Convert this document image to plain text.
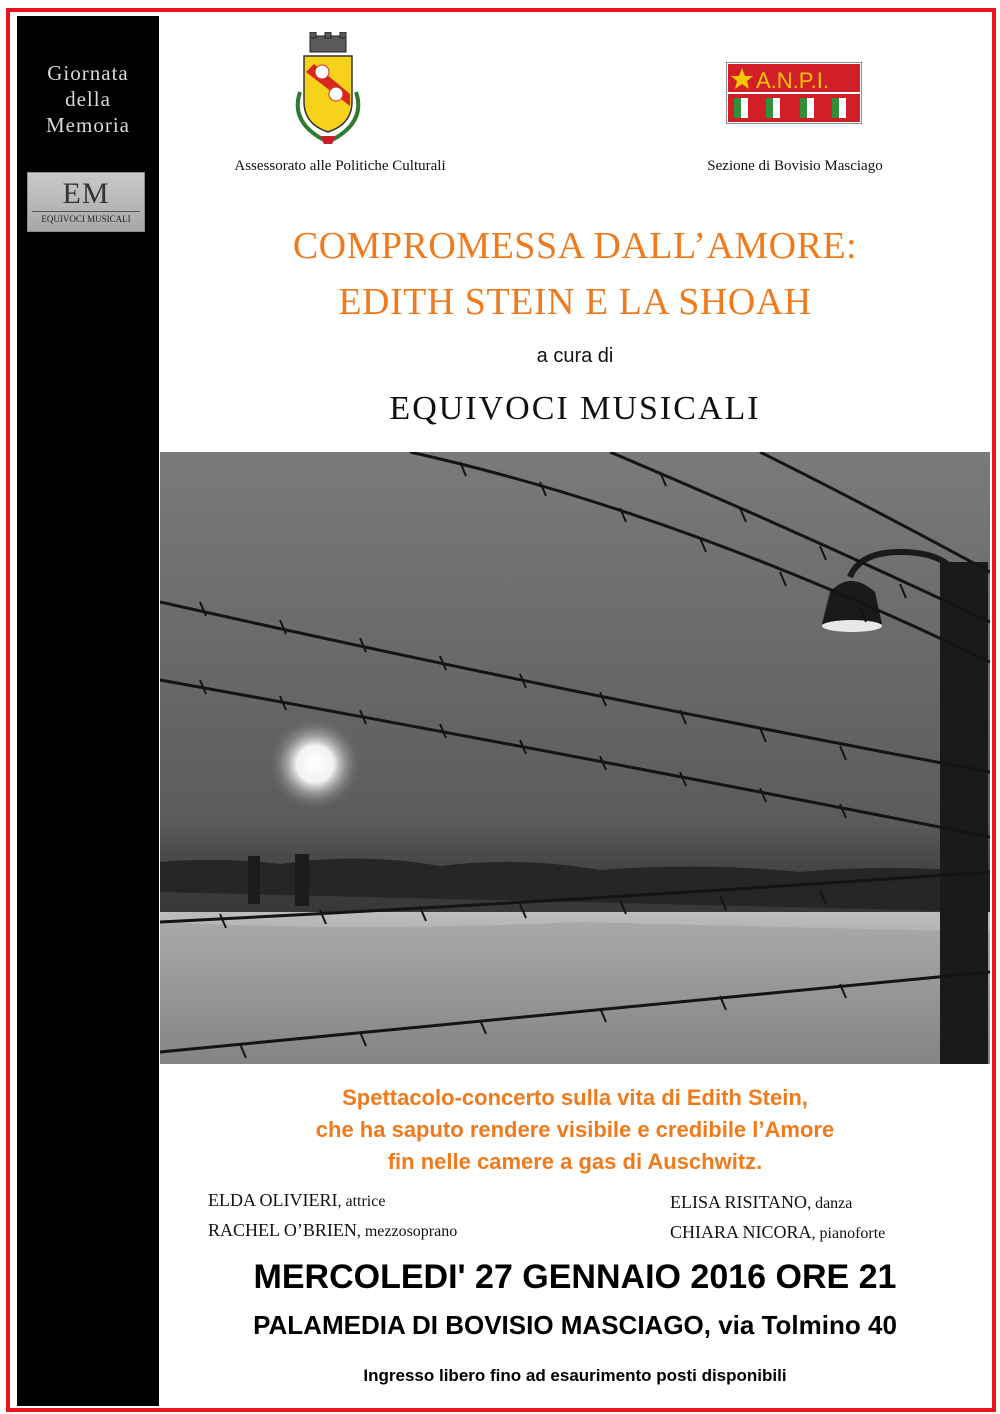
Giornata
della
Memoria
EM
EQUIVOCI MUSICALI
Assessorato alle Politiche Culturali
A.N.P.I.
Sezione di Bovisio Masciago
COMPROMESSA DALL’AMORE:
EDITH STEIN E LA SHOAH
a cura di
EQUIVOCI MUSICALI
Spettacolo-concerto sulla vita di Edith Stein,
che ha saputo rendere visibile e credibile l’Amore
fin nelle camere a gas di Auschwitz.
ELDA OLIVIERI, attrice
RACHEL O’BRIEN, mezzosoprano
ELISA RISITANO, danza
CHIARA NICORA, pianoforte
MERCOLEDI' 27 GENNAIO 2016 ORE 21
PALAMEDIA DI BOVISIO MASCIAGO, via Tolmino 40
Ingresso libero fino ad esaurimento posti disponibili
